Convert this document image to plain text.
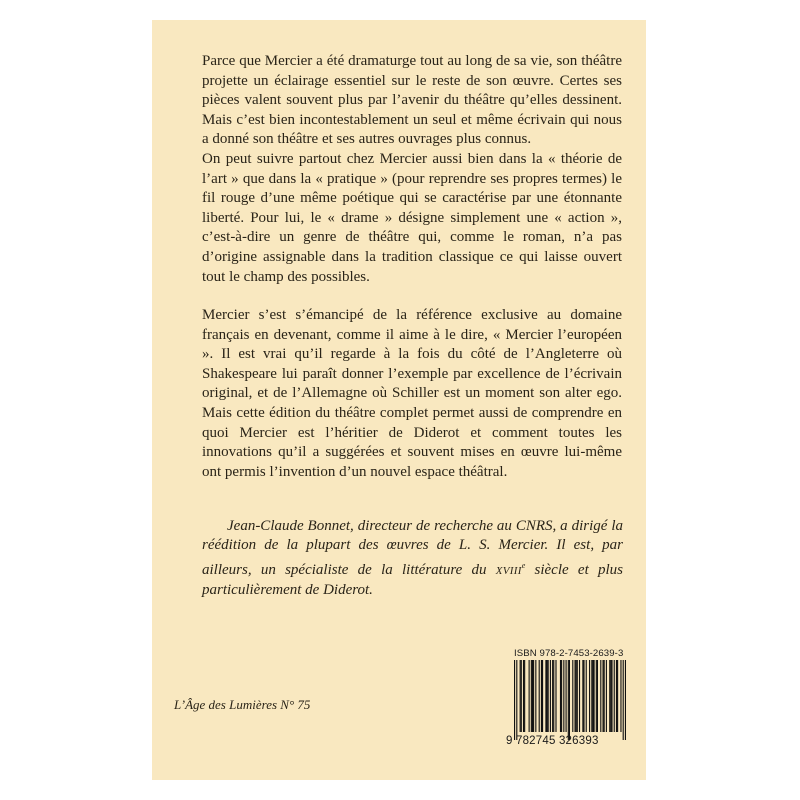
Parce que Mercier a été dramaturge tout au long de sa vie, son théâtre projette un éclairage essentiel sur le reste de son œuvre. Certes ses pièces valent souvent plus par l’avenir du théâtre qu’elles dessinent. Mais c’est bien incontestablement un seul et même écrivain qui nous a donné son théâtre et ses autres ouvrages plus connus.

On peut suivre partout chez Mercier aussi bien dans la « théorie de l’art » que dans la « pratique » (pour reprendre ses propres termes) le fil rouge d’une même poétique qui se caractérise par une étonnante liberté. Pour lui, le « drame » désigne simplement une « action », c’est-à-dire un genre de théâtre qui, comme le roman, n’a pas d’origine assignable dans la tradition classique ce qui laisse ouvert tout le champ des possibles.

Mercier s’est s’émancipé de la référence exclusive au domaine français en devenant, comme il aime à le dire, « Mercier l’européen ». Il est vrai qu’il regarde à la fois du côté de l’Angleterre où Shakespeare lui paraît donner l’exemple par excellence de l’écrivain original, et de l’Allemagne où Schiller est un moment son alter ego. Mais cette édition du théâtre complet permet aussi de comprendre en quoi Mercier est l’héritier de Diderot et comment toutes les innovations qu’il a suggérées et souvent mises en œuvre lui-même ont permis l’invention d’un nouvel espace théâtral.

Jean-Claude Bonnet, directeur de recherche au CNRS, a dirigé la réédition de la plupart des œuvres de L. S. Mercier. Il est, par ailleurs, un spécialiste de la littérature du XVIIIe siècle et plus particulièrement de Diderot.

L’Âge des Lumières N° 75
ISBN 978-2-7453-2639-3
9 782745 326393
